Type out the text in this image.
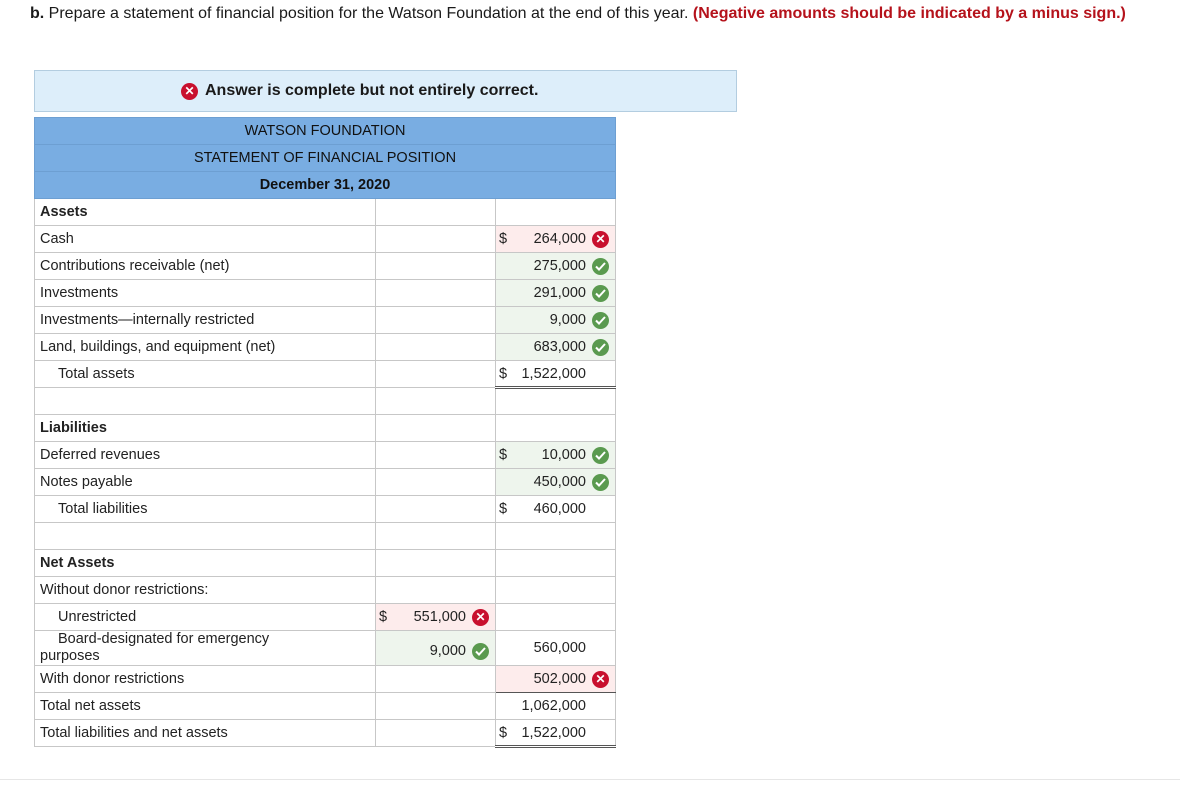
b. Prepare a statement of financial position for the Watson Foundation at the end of this year. (Negative amounts should be indicated by a minus sign.)
✕ Answer is complete but not entirely correct.
WATSON FOUNDATION		
STATEMENT OF FINANCIAL POSITION		
December 31, 2020		
Assets		
Cash		$ 264,000 ✕

Contributions receivable (net)		275,000

Investments		291,000

Investments—internally restricted		9,000

Land, buildings, and equipment (net)		683,000

Total assets		$ 1,522,000

Liabilities		
Deferred revenues		$ 10,000

Notes payable		450,000

Total liabilities		$ 460,000

Net Assets		
Without donor restrictions:		
Unrestricted	$ 551,000 ✕	

Board-designated for emergency
purposes	9,000	560,000

With donor restrictions		502,000 ✕

Total net assets		1,062,000

Total liabilities and net assets		$ 1,522,000
